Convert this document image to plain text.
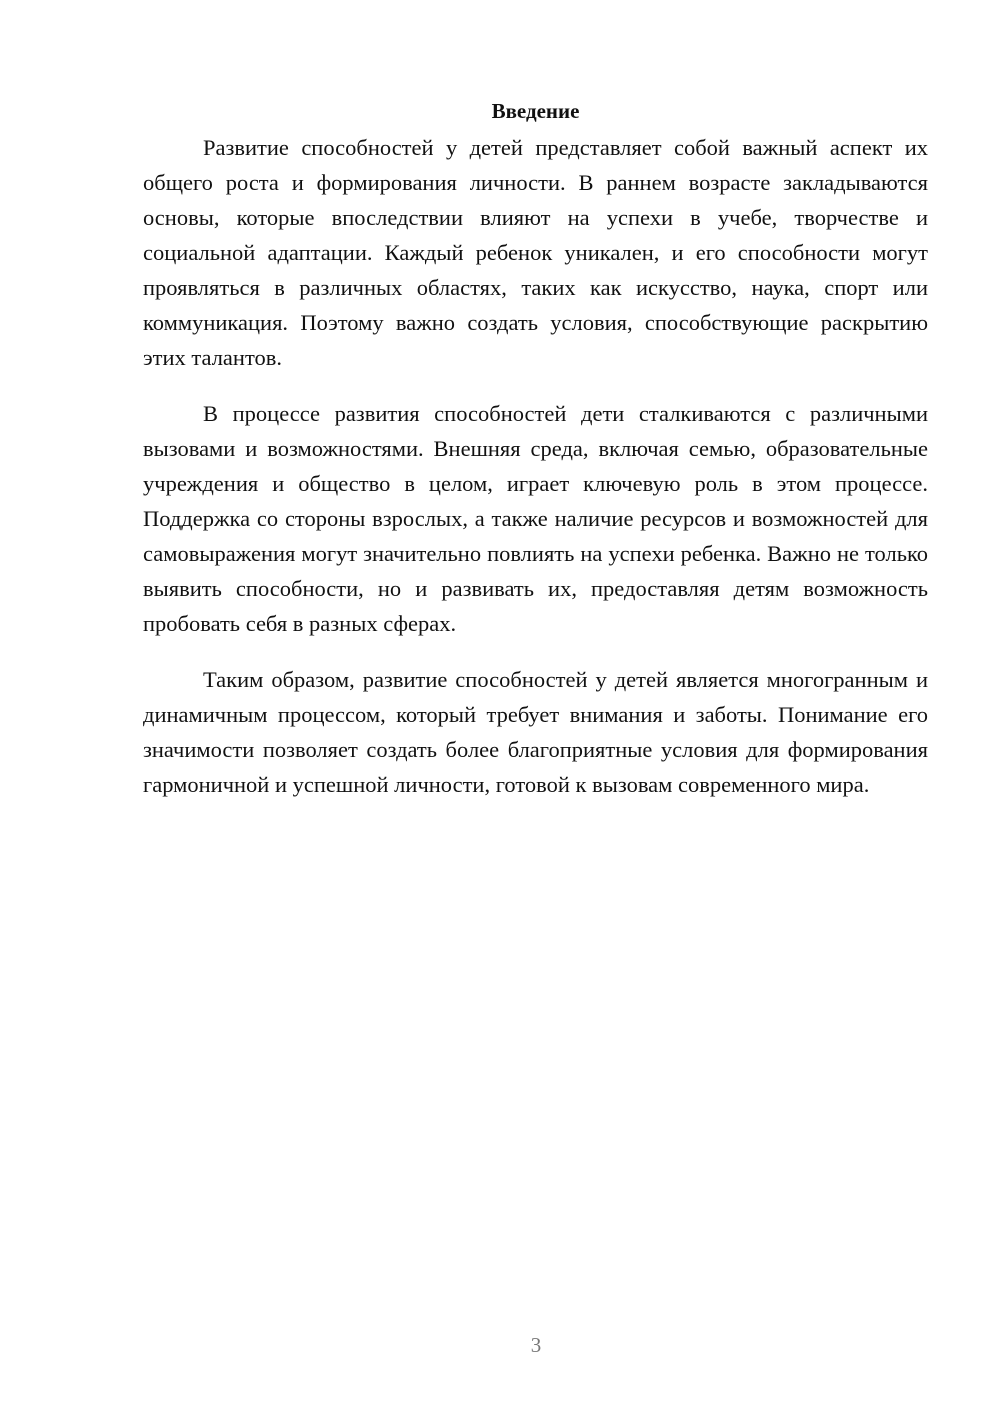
Введение

Развитие способностей у детей представляет собой важный аспект их общего роста и формирования личности. В раннем возрасте закладываются основы, которые впоследствии влияют на успехи в учебе, творчестве и социальной адаптации. Каждый ребенок уникален, и его способности могут проявляться в различных областях, таких как искусство, наука, спорт или коммуникация. Поэтому важно создать условия, способствующие раскрытию этих талантов.

В процессе развития способностей дети сталкиваются с различными вызовами и возможностями. Внешняя среда, включая семью, образовательные учреждения и общество в целом, играет ключевую роль в этом процессе. Поддержка со стороны взрослых, а также наличие ресурсов и возможностей для самовыражения могут значительно повлиять на успехи ребенка. Важно не только выявить способности, но и развивать их, предоставляя детям возможность пробовать себя в разных сферах.

Таким образом, развитие способностей у детей является многогранным и динамичным процессом, который требует внимания и заботы. Понимание его значимости позволяет создать более благоприятные условия для формирования гармоничной и успешной личности, готовой к вызовам современного мира.

3
